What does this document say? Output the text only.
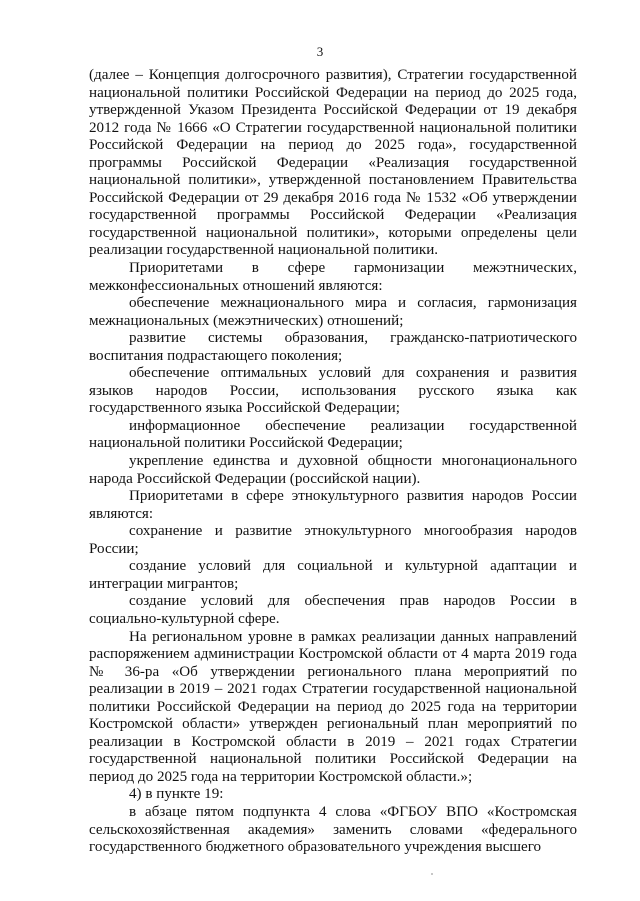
3

(далее – Концепция долгосрочного развития), Стратегии государственной национальной политики Российской Федерации на период до 2025 года, утвержденной Указом Президента Российской Федерации от 19 декабря 2012 года № 1666 «О Стратегии государственной национальной политики Российской Федерации на период до 2025 года», государственной программы Российской Федерации «Реализация государственной национальной политики», утвержденной постановлением Правительства Российской Федерации от 29 декабря 2016 года № 1532 «Об утверждении государственной программы Российской Федерации «Реализация государственной национальной политики», которыми определены цели реализации государственной национальной политики.

Приоритетами в сфере гармонизации межэтнических, межконфессиональных отношений являются:

обеспечение межнационального мира и согласия, гармонизация межнациональных (межэтнических) отношений;

развитие системы образования, гражданско-патриотического воспитания подрастающего поколения;

обеспечение оптимальных условий для сохранения и развития языков народов России, использования русского языка как государственного языка Российской Федерации;

информационное обеспечение реализации государственной национальной политики Российской Федерации;

укрепление единства и духовной общности многонационального народа Российской Федерации (российской нации).

Приоритетами в сфере этнокультурного развития народов России являются:

сохранение и развитие этнокультурного многообразия народов России;

создание условий для социальной и культурной адаптации и интеграции мигрантов;

создание условий для обеспечения прав народов России в социально-культурной сфере.

На региональном уровне в рамках реализации данных направлений распоряжением администрации Костромской области от 4 марта 2019 года № 36-ра «Об утверждении регионального плана мероприятий по реализации в 2019 – 2021 годах Стратегии государственной национальной политики Российской Федерации на период до 2025 года на территории Костромской области» утвержден региональный план мероприятий по реализации в Костромской области в 2019 – 2021 годах Стратегии государственной национальной политики Российской Федерации на период до 2025 года на территории Костромской области.»;

4) в пункте 19:

в абзаце пятом подпункта 4 слова «ФГБОУ ВПО «Костромская сельскохозяйственная академия» заменить словами «федерального государственного бюджетного образовательного учреждения высшего
